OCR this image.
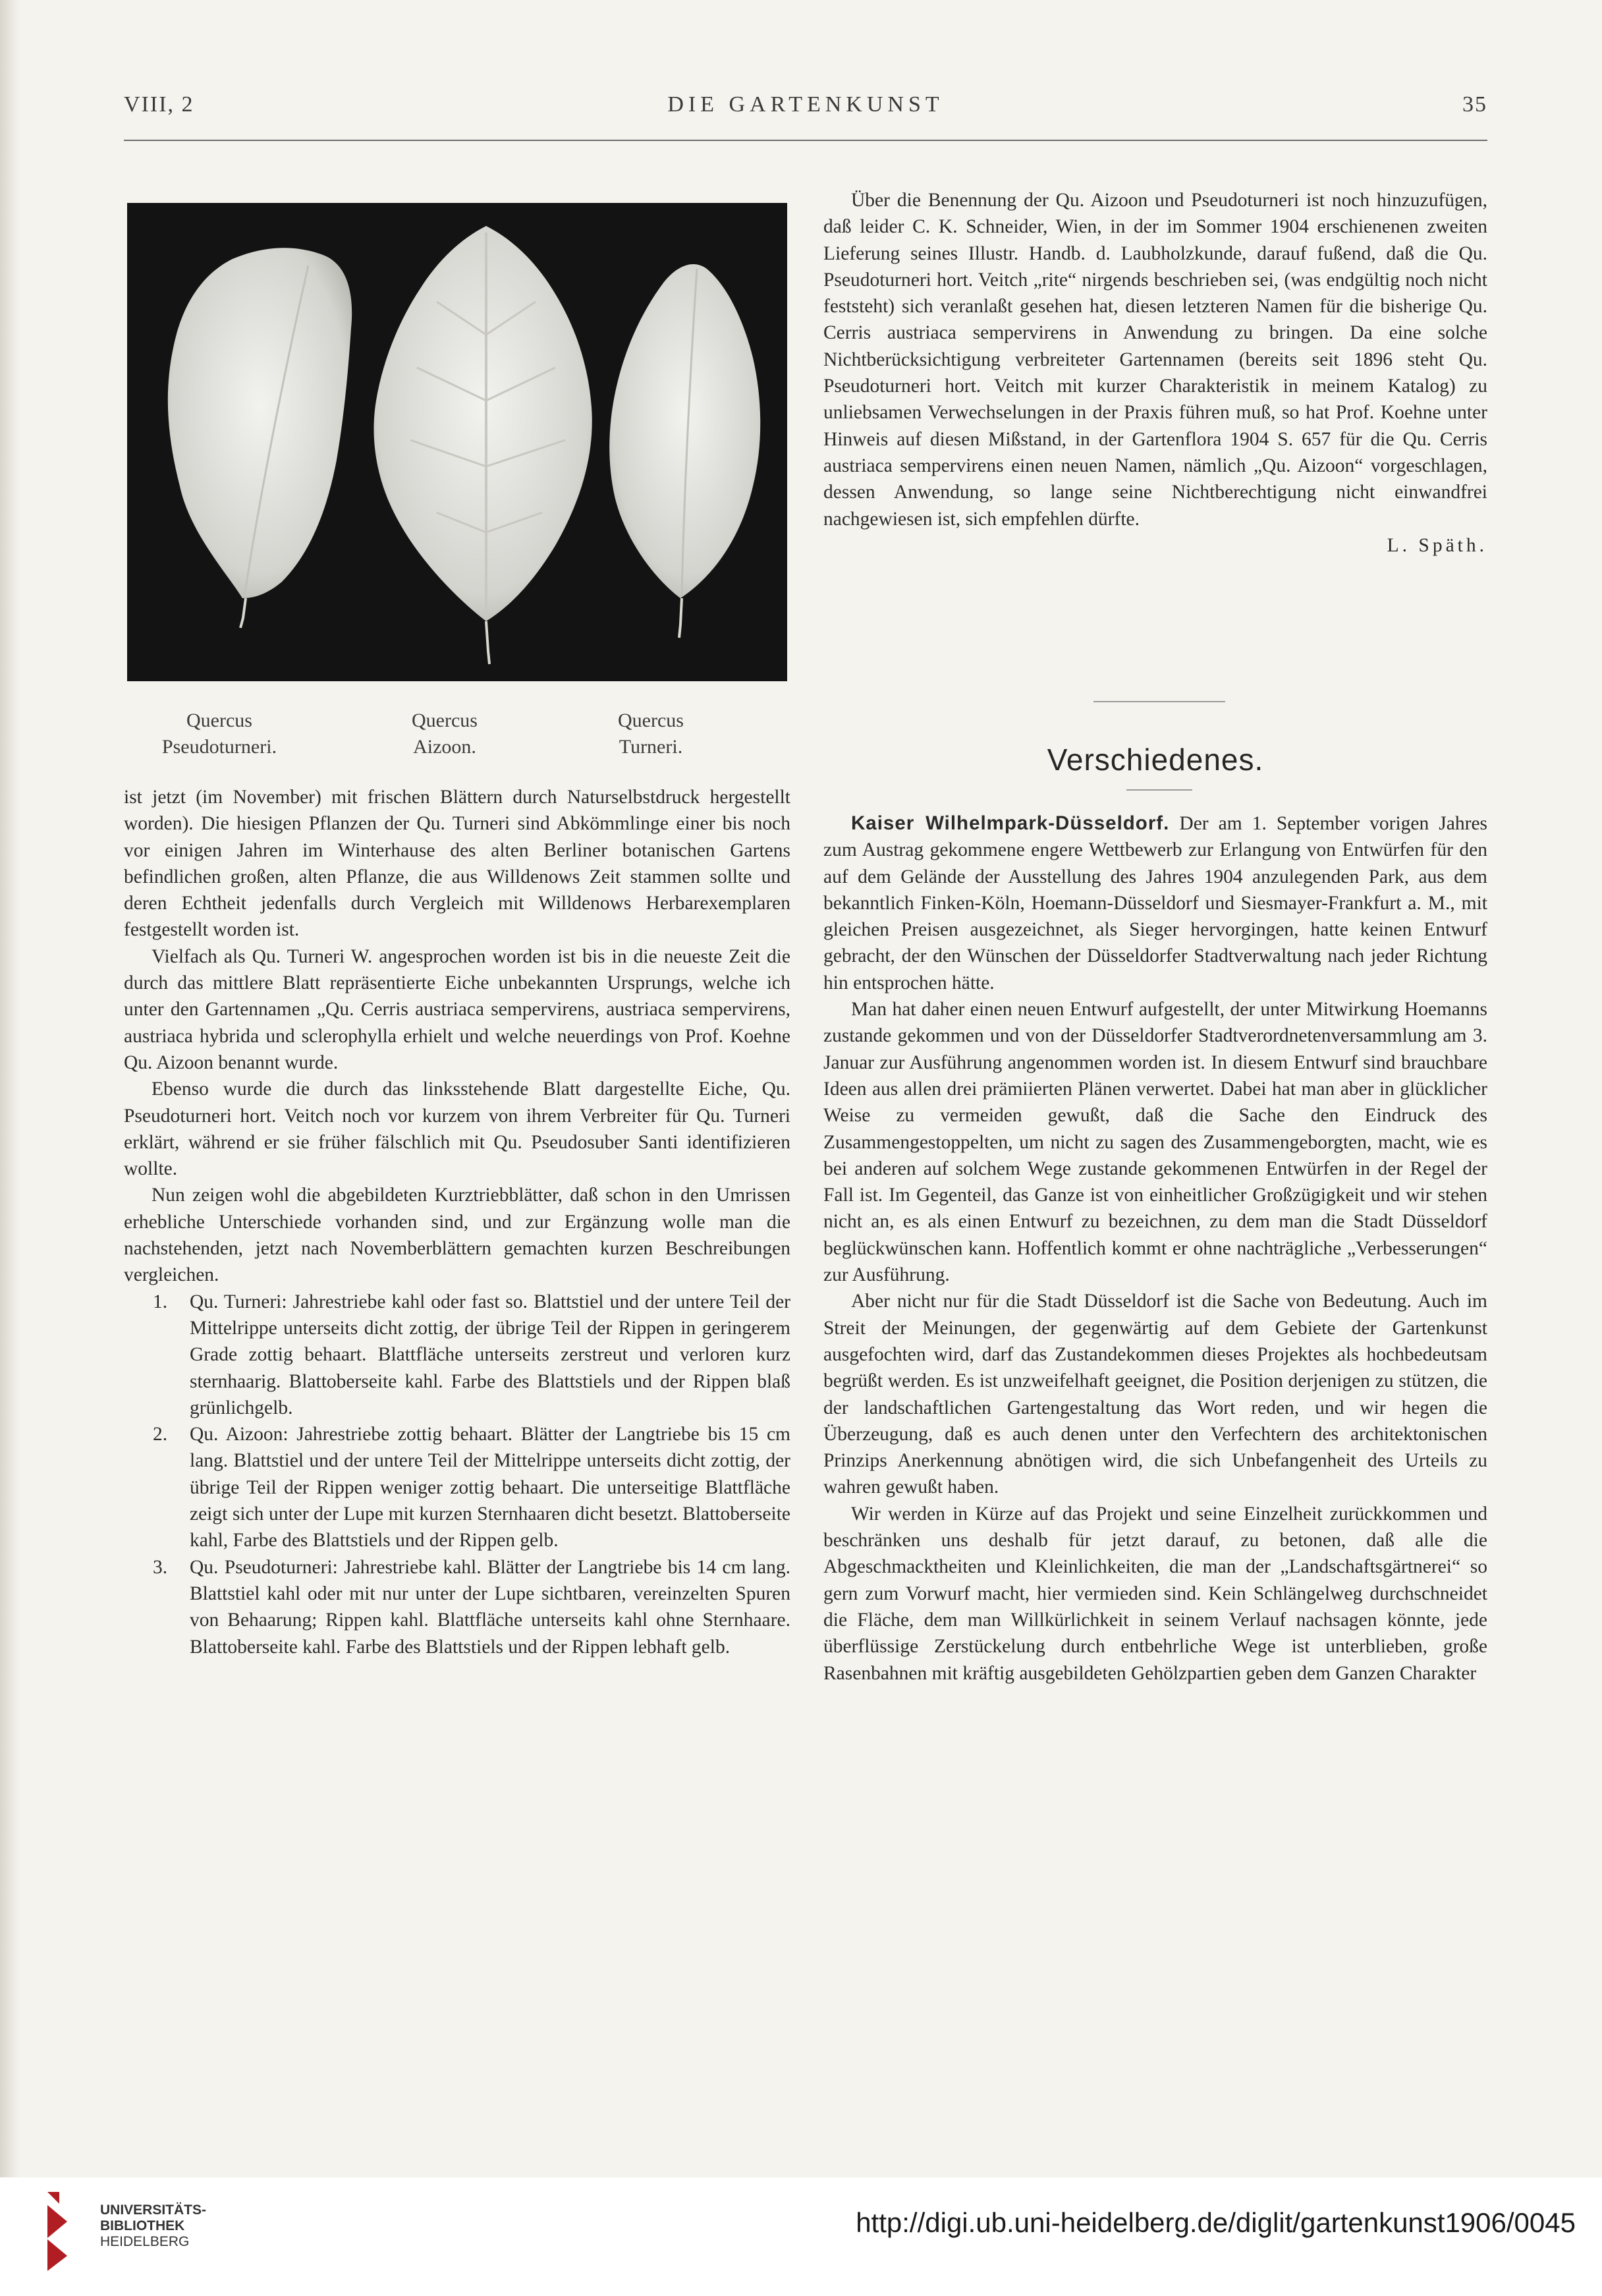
VIII, 2	DIE GARTENKUNST	35
Quercus
Pseudoturneri.
Quercus
Aizoon.
Quercus
Turneri.

ist jetzt (im November) mit frischen Blättern durch Naturselbstdruck hergestellt worden). Die hiesigen Pflanzen der Qu. Turneri sind Abkömmlinge einer bis noch vor einigen Jahren im Winterhause des alten Berliner botanischen Gartens befindlichen großen, alten Pflanze, die aus Willdenows Zeit stammen sollte und deren Echtheit jedenfalls durch Vergleich mit Willdenows Herbarexemplaren festgestellt worden ist.

Vielfach als Qu. Turneri W. angesprochen worden ist bis in die neueste Zeit die durch das mittlere Blatt repräsentierte Eiche unbekannten Ursprungs, welche ich unter den Gartennamen „Qu. Cerris austriaca sempervirens, austriaca sempervirens, austriaca hybrida und sclerophylla erhielt und welche neuerdings von Prof. Koehne Qu. Aizoon benannt wurde.

Ebenso wurde die durch das linksstehende Blatt dargestellte Eiche, Qu. Pseudoturneri hort. Veitch noch vor kurzem von ihrem Verbreiter für Qu. Turneri erklärt, während er sie früher fälschlich mit Qu. Pseudosuber Santi identifizieren wollte.

Nun zeigen wohl die abgebildeten Kurztriebblätter, daß schon in den Umrissen erhebliche Unterschiede vorhanden sind, und zur Ergänzung wolle man die nachstehenden, jetzt nach Novemberblättern gemachten kurzen Beschreibungen vergleichen.

1. Qu. Turneri: Jahrestriebe kahl oder fast so. Blattstiel und der untere Teil der Mittelrippe unterseits dicht zottig, der übrige Teil der Rippen in geringerem Grade zottig behaart. Blattfläche unterseits zerstreut und verloren kurz sternhaarig. Blattoberseite kahl. Farbe des Blattstiels und der Rippen blaß grünlichgelb.
2. Qu. Aizoon: Jahrestriebe zottig behaart. Blätter der Langtriebe bis 15 cm lang. Blattstiel und der untere Teil der Mittelrippe unterseits dicht zottig, der übrige Teil der Rippen weniger zottig behaart. Die unterseitige Blattfläche zeigt sich unter der Lupe mit kurzen Sternhaaren dicht besetzt. Blattoberseite kahl, Farbe des Blattstiels und der Rippen gelb.
3. Qu. Pseudoturneri: Jahrestriebe kahl. Blätter der Langtriebe bis 14 cm lang. Blattstiel kahl oder mit nur unter der Lupe sichtbaren, vereinzelten Spuren von Behaarung; Rippen kahl. Blattfläche unterseits kahl ohne Sternhaare. Blattoberseite kahl. Farbe des Blattstiels und der Rippen lebhaft gelb.

Über die Benennung der Qu. Aizoon und Pseudoturneri ist noch hinzuzufügen, daß leider C. K. Schneider, Wien, in der im Sommer 1904 erschienenen zweiten Lieferung seines Illustr. Handb. d. Laubholzkunde, darauf fußend, daß die Qu. Pseudoturneri hort. Veitch „rite“ nirgends beschrieben sei, (was endgültig noch nicht feststeht) sich veranlaßt gesehen hat, diesen letzteren Namen für die bisherige Qu. Cerris austriaca sempervirens in Anwendung zu bringen. Da eine solche Nichtberücksichtigung verbreiteter Gartennamen (bereits seit 1896 steht Qu. Pseudoturneri hort. Veitch mit kurzer Charakteristik in meinem Katalog) zu unliebsamen Verwechselungen in der Praxis führen muß, so hat Prof. Koehne unter Hinweis auf diesen Mißstand, in der Gartenflora 1904 S. 657 für die Qu. Cerris austriaca sempervirens einen neuen Namen, nämlich „Qu. Aizoon“ vorgeschlagen, dessen Anwendung, so lange seine Nichtberechtigung nicht einwandfrei nachgewiesen ist, sich empfehlen dürfte.

L. Späth.

Verschiedenes.

Kaiser Wilhelmpark-Düsseldorf. Der am 1. September vorigen Jahres zum Austrag gekommene engere Wettbewerb zur Erlangung von Entwürfen für den auf dem Gelände der Ausstellung des Jahres 1904 anzulegenden Park, aus dem bekanntlich Finken-Köln, Hoemann-Düsseldorf und Siesmayer-Frankfurt a. M., mit gleichen Preisen ausgezeichnet, als Sieger hervorgingen, hatte keinen Entwurf gebracht, der den Wünschen der Düsseldorfer Stadtverwaltung nach jeder Richtung hin entsprochen hätte.

Man hat daher einen neuen Entwurf aufgestellt, der unter Mitwirkung Hoemanns zustande gekommen und von der Düsseldorfer Stadtverordnetenversammlung am 3. Januar zur Ausführung angenommen worden ist. In diesem Entwurf sind brauchbare Ideen aus allen drei prämiierten Plänen verwertet. Dabei hat man aber in glücklicher Weise zu vermeiden gewußt, daß die Sache den Eindruck des Zusammengestoppelten, um nicht zu sagen des Zusammengeborgten, macht, wie es bei anderen auf solchem Wege zustande gekommenen Entwürfen in der Regel der Fall ist. Im Gegenteil, das Ganze ist von einheitlicher Großzügigkeit und wir stehen nicht an, es als einen Entwurf zu bezeichnen, zu dem man die Stadt Düsseldorf beglückwünschen kann. Hoffentlich kommt er ohne nachträgliche „Verbesserungen“ zur Ausführung.

Aber nicht nur für die Stadt Düsseldorf ist die Sache von Bedeutung. Auch im Streit der Meinungen, der gegenwärtig auf dem Gebiete der Gartenkunst ausgefochten wird, darf das Zustandekommen dieses Projektes als hochbedeutsam begrüßt werden. Es ist unzweifelhaft geeignet, die Position derjenigen zu stützen, die der landschaftlichen Gartengestaltung das Wort reden, und wir hegen die Überzeugung, daß es auch denen unter den Verfechtern des architektonischen Prinzips Anerkennung abnötigen wird, die sich Unbefangenheit des Urteils zu wahren gewußt haben.

Wir werden in Kürze auf das Projekt und seine Einzelheit zurückkommen und beschränken uns deshalb für jetzt darauf, zu betonen, daß alle die Abgeschmacktheiten und Kleinlichkeiten, die man der „Landschaftsgärtnerei“ so gern zum Vorwurf macht, hier vermieden sind. Kein Schlängelweg durchschneidet die Fläche, dem man Willkürlichkeit in seinem Verlauf nachsagen könnte, jede überflüssige Zerstückelung durch entbehrliche Wege ist unterblieben, große Rasenbahnen mit kräftig ausgebildeten Gehölzpartien geben dem Ganzen Charakter

UNIVERSITÄTS-
BIBLIOTHEK
HEIDELBERG
http://digi.ub.uni-heidelberg.de/diglit/gartenkunst1906/0045
